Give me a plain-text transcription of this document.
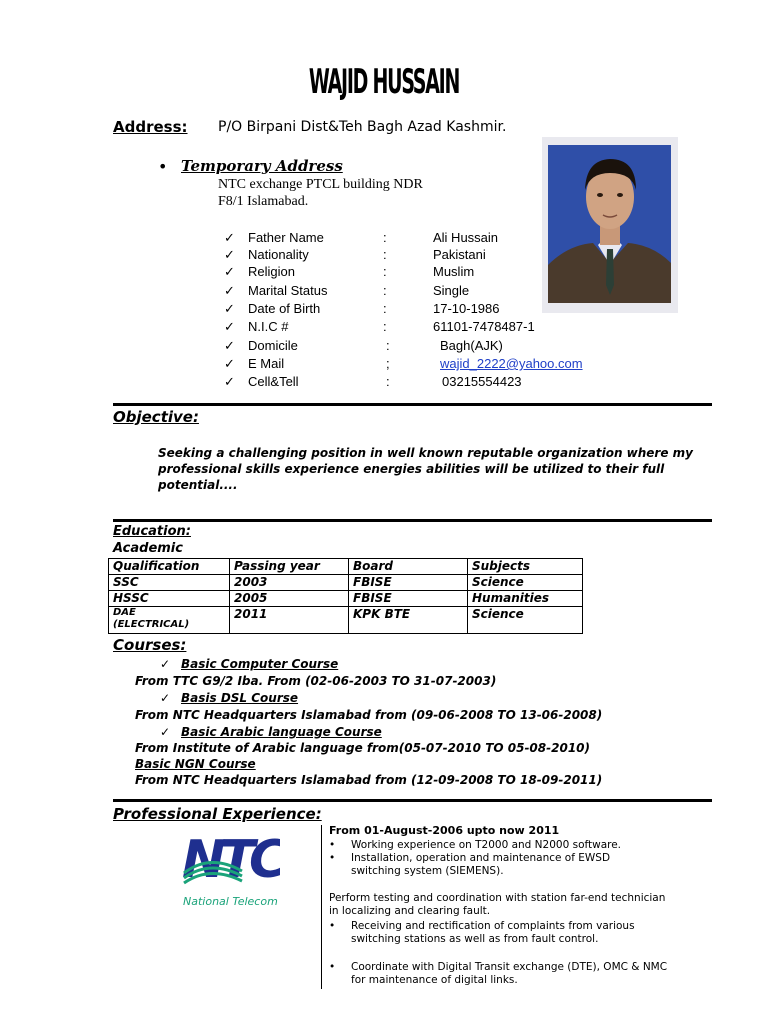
WAJID HUSSAIN
Address: P/O Birpani Dist&Teh Bagh Azad Kashmir.
• Temporary Address
NTC exchange PTCL building NDR
F8/1 Islamabad.
✓ Father Name	:	Ali Hussain
✓ Nationality	:	Pakistani
✓ Religion	:	Muslim
✓ Marital Status	:	Single
✓ Date of Birth	:	17-10-1986
✓ N.I.C #	:	61101-7478487-1
✓ Domicile	:	Bagh(AJK)
✓ E Mail	;	wajid_2222@yahoo.com
✓ Cell&Tell	:	03215554423
Objective:
Seeking a challenging position in well known reputable organization where my professional skills experience energies abilities will be utilized to their full potential....
Education:
Academic
Qualification	Passing year	Board	Subjects
SSC	2003	FBISE	Science
HSSC	2005	FBISE	Humanities

DAE
(ELECTRICAL)	2011	KPK BTE	Science
Courses:
✓ Basic Computer Course
From TTC G9/2 Iba. From (02-06-2003 TO 31-07-2003)
✓ Basis DSL Course
From NTC Headquarters Islamabad from (09-06-2008 TO 13-06-2008)
✓ Basic Arabic language Course
From Institute of Arabic language from(05-07-2010 TO 05-08-2010)
Basic NGN Course
From NTC Headquarters Islamabad from (12-09-2008 TO 18-09-2011)
Professional Experience:
NTC
National Telecom
From 01-August-2006 upto now 2011
• Working experience on T2000 and N2000 software.
• Installation, operation and maintenance of EWSD switching system (SIEMENS).
Perform testing and coordination with station far-end technician in localizing and clearing fault.
• Receiving and rectification of complaints from various switching stations as well as from fault control.
• Coordinate with Digital Transit exchange (DTE), OMC & NMC for maintenance of digital links.
